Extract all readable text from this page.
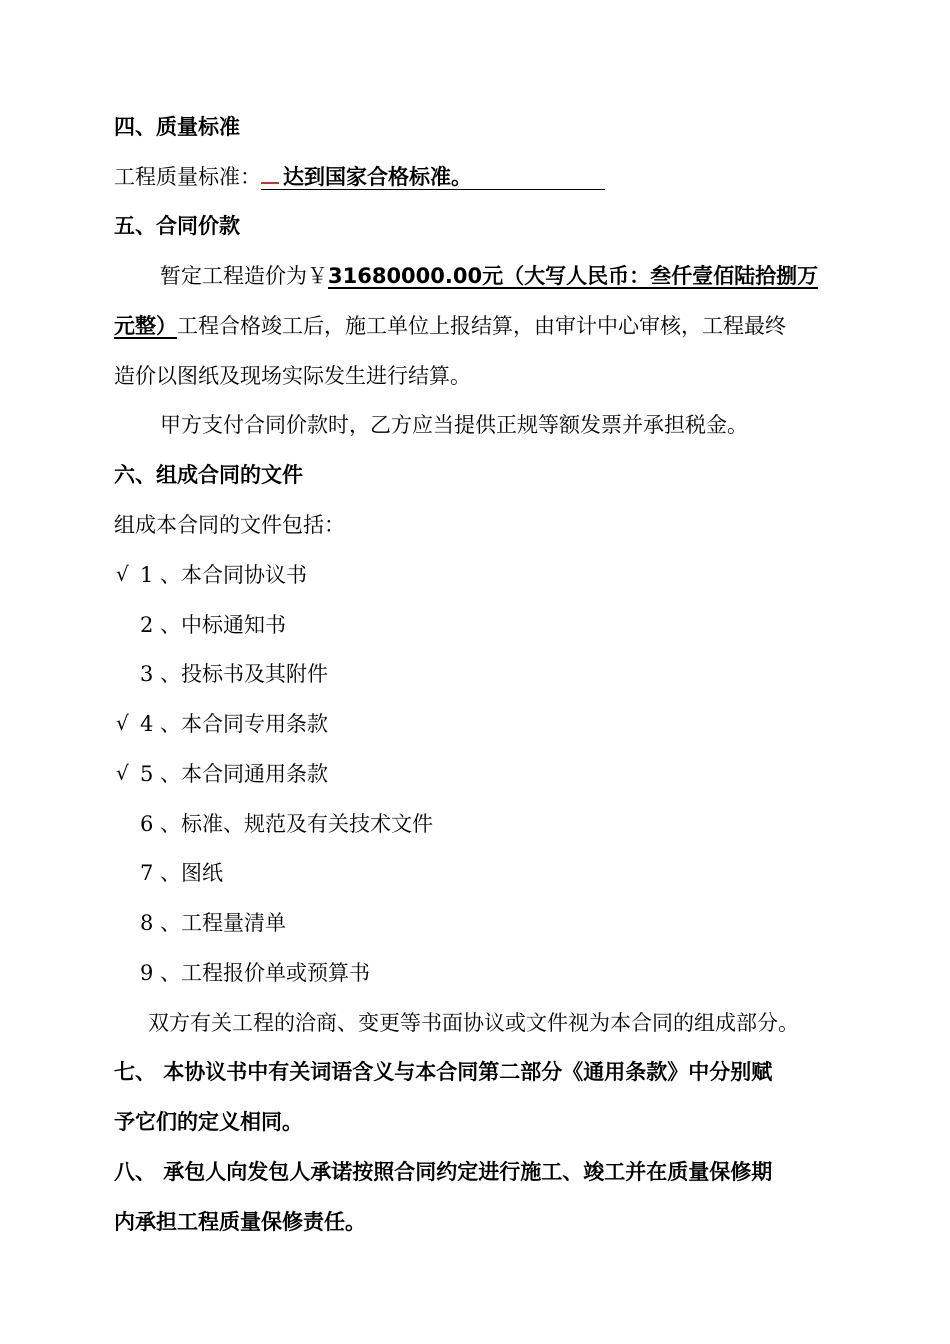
四、质量标准
工程质量标准： 达到国家合格标准。
五、合同价款
暂定工程造价为￥31680000.00元（大写人民币：叁仟壹佰陆拾捌万
元整）工程合格竣工后，施工单位上报结算，由审计中心审核，工程最终
造价以图纸及现场实际发生进行结算。
甲方支付合同价款时，乙方应当提供正规等额发票并承担税金。
六、组成合同的文件
组成本合同的文件包括：
√ 1 、本合同协议书
2 、中标通知书
3 、投标书及其附件
√ 4 、本合同专用条款
√ 5 、本合同通用条款
6 、标准、规范及有关技术文件
7 、图纸
8 、工程量清单
9 、工程报价单或预算书
双方有关工程的洽商、变更等书面协议或文件视为本合同的组成部分。
七、 本协议书中有关词语含义与本合同第二部分《通用条款》中分别赋
予它们的定义相同。
八、 承包人向发包人承诺按照合同约定进行施工、竣工并在质量保修期
内承担工程质量保修责任。
